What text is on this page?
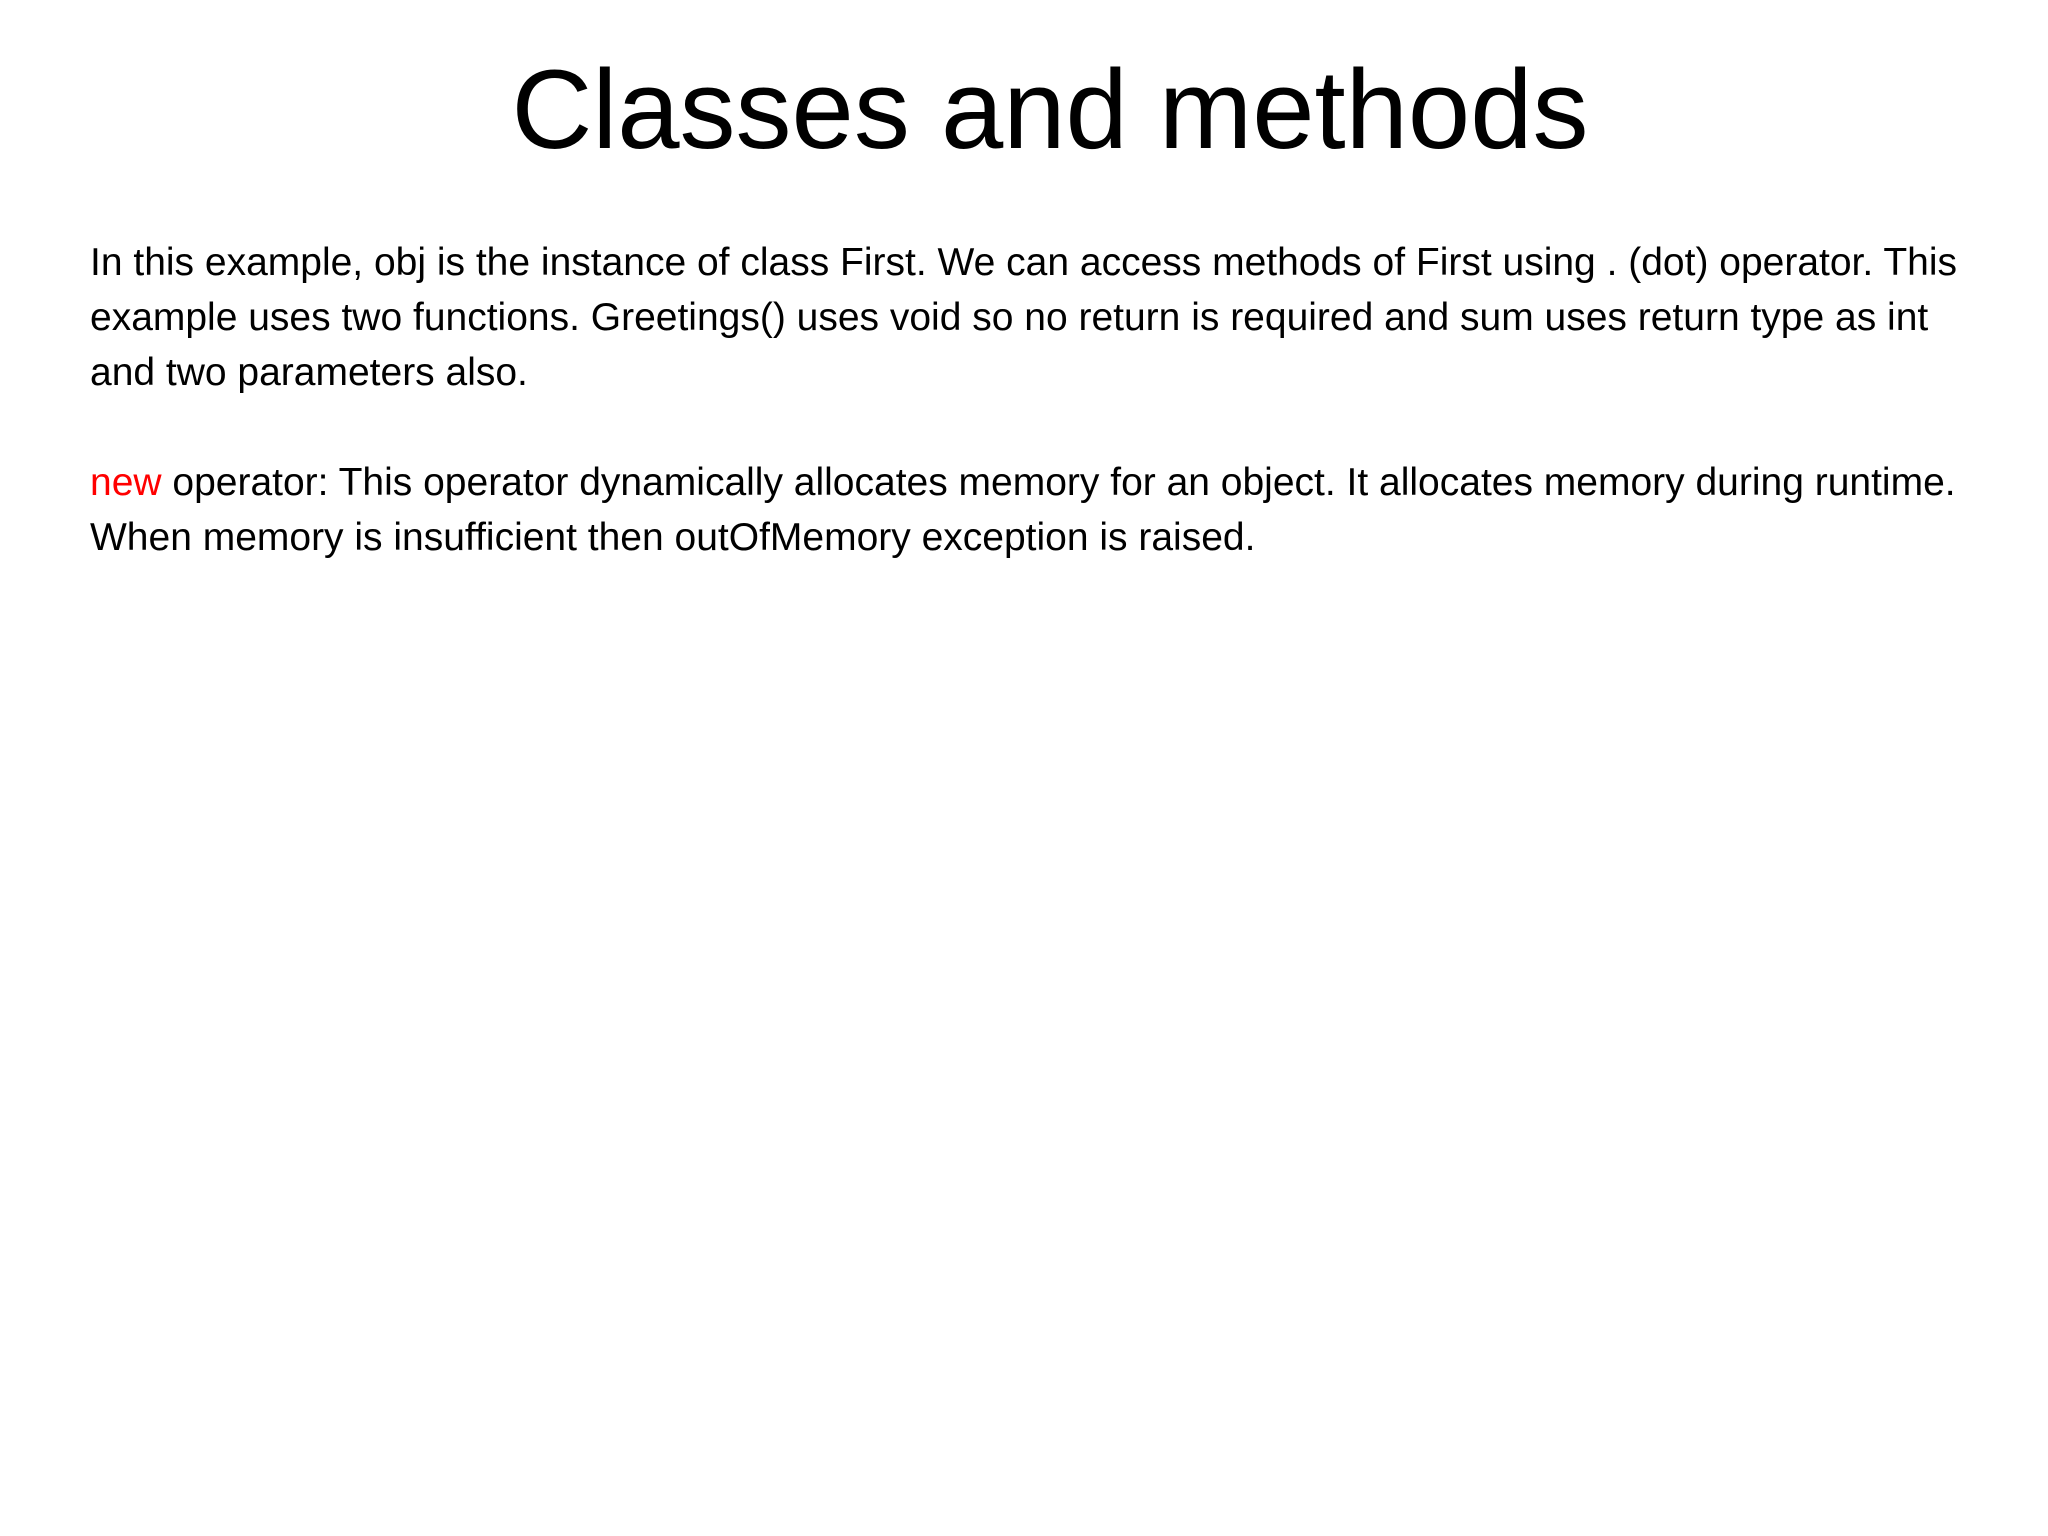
Classes and methods

In this example, obj is the instance of class First. We can access methods of First using . (dot) operator. This example uses two functions. Greetings() uses void so no return is required and sum uses return type as int and two parameters also.

new operator: This operator dynamically allocates memory for an object. It allocates memory during runtime. When memory is insufficient then outOfMemory exception is raised.
